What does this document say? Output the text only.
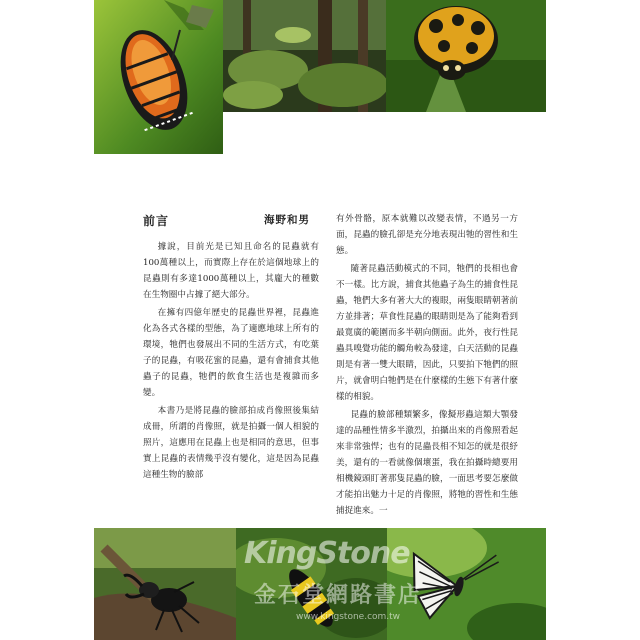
前言	海野和男

據說，目前光是已知且命名的昆蟲就有100萬種以上，而實際上存在於這個地球上的昆蟲則有多達1000萬種以上，其龐大的種數在生物圈中占據了絕大部分。

在擁有四億年歷史的昆蟲世界裡，昆蟲進化為各式各樣的型態，為了適應地球上所有的環境，牠們也發展出不同的生活方式，有吃葉子的昆蟲，有吸花蜜的昆蟲，還有會捕食其他蟲子的昆蟲，牠們的飲食生活也是複雜而多變。

本書乃是將昆蟲的臉部拍成肖像照後集結成冊，所謂的肖像照，就是拍攝一個人相貌的照片，這應用在昆蟲上也是相同的意思，但事實上昆蟲的表情幾乎沒有變化，這是因為昆蟲這種生物的臉部

有外骨骼，原本就難以改變表情，不過另一方面，昆蟲的臉孔卻是充分地表現出牠的習性和生態。

隨著昆蟲活動模式的不同，牠們的長相也會不一樣。比方說，捕食其他蟲子為生的捕食性昆蟲，牠們大多有著大大的複眼，兩隻眼睛朝著前方並排著；草食性昆蟲的眼睛則是為了能夠看到最寬廣的範圍而多半朝向側面。此外，夜行性昆蟲具嗅覺功能的觸角較為發達，白天活動的昆蟲則是有著一雙大眼睛，因此，只要拍下牠們的照片，就會明白牠們是在什麼樣的生態下有著什麼樣的相貌。

昆蟲的臉部種類繁多，像擬形蟲這類大顎發達的品種性情多半激烈，拍攝出來的肖像照看起來非常強悍；也有的昆蟲長相不知怎的就是很紓美，還有的一看就像個壞蛋，我在拍攝時總要用相機鏡頭盯著那隻昆蟲的臉，一面思考要怎麼做才能拍出魅力十足的肖像照，將牠的習性和生態捕捉進來。一

KingStone
金石堂網路書店
www.kingstone.com.tw
